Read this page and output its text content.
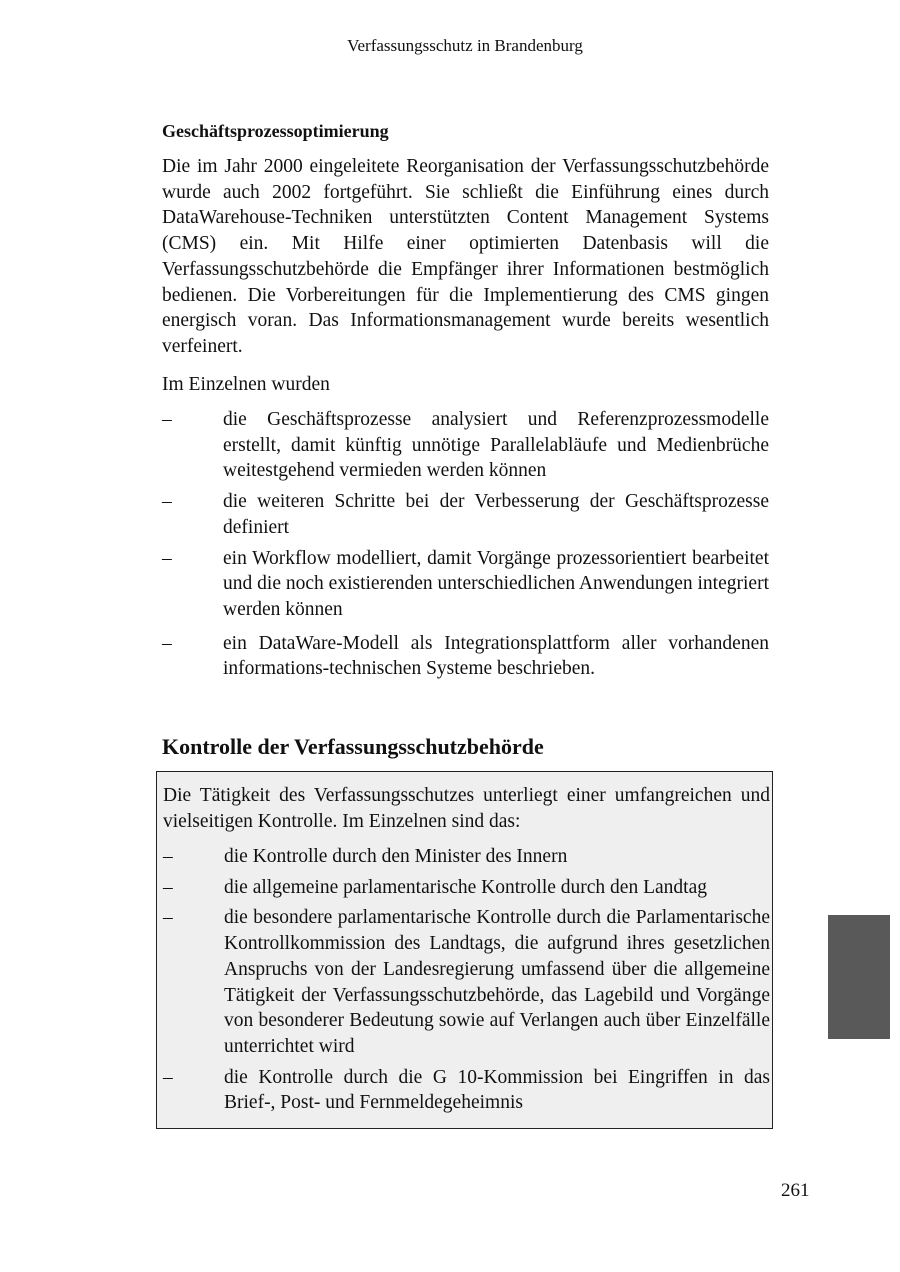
Verfassungsschutz in Brandenburg
Geschäftsprozessoptimierung

Die im Jahr 2000 eingeleitete Reorganisation der Verfassungsschutzbehörde wurde auch 2002 fortgeführt. Sie schließt die Einführung eines durch DataWarehouse-Techniken unterstützten Content Management Systems (CMS) ein. Mit Hilfe einer optimierten Datenbasis will die Verfassungsschutzbehörde die Empfänger ihrer Informationen bestmöglich bedienen. Die Vorbereitungen für die Implementierung des CMS gingen energisch voran. Das Informationsmanagement wurde bereits wesentlich verfeinert.

Im Einzelnen wurden

–	die Geschäftsprozesse analysiert und Referenzprozessmodelle erstellt, damit künftig unnötige Parallelabläufe und Medienbrüche weitestgehend vermieden werden können
–	die weiteren Schritte bei der Verbesserung der Geschäftsprozesse definiert
–	ein Workflow modelliert, damit Vorgänge prozessorientiert bearbeitet und die noch existierenden unterschiedlichen Anwendungen integriert werden können
–	ein DataWare-Modell als Integrationsplattform aller vorhandenen informations-technischen Systeme beschrieben.
Kontrolle der Verfassungsschutzbehörde

Die Tätigkeit des Verfassungsschutzes unterliegt einer umfangreichen und vielseitigen Kontrolle. Im Einzelnen sind das:

–	die Kontrolle durch den Minister des Innern
–	die allgemeine parlamentarische Kontrolle durch den Landtag
–	die besondere parlamentarische Kontrolle durch die Parlamentarische Kontrollkommission des Landtags, die aufgrund ihres gesetzlichen Anspruchs von der Landesregierung umfassend über die allgemeine Tätigkeit der Verfassungsschutzbehörde, das Lagebild und Vorgänge von besonderer Bedeutung sowie auf Verlangen auch über Einzelfälle unterrichtet wird
–	die Kontrolle durch die G 10-Kommission bei Eingriffen in das Brief-, Post- und Fernmeldegeheimnis
261
